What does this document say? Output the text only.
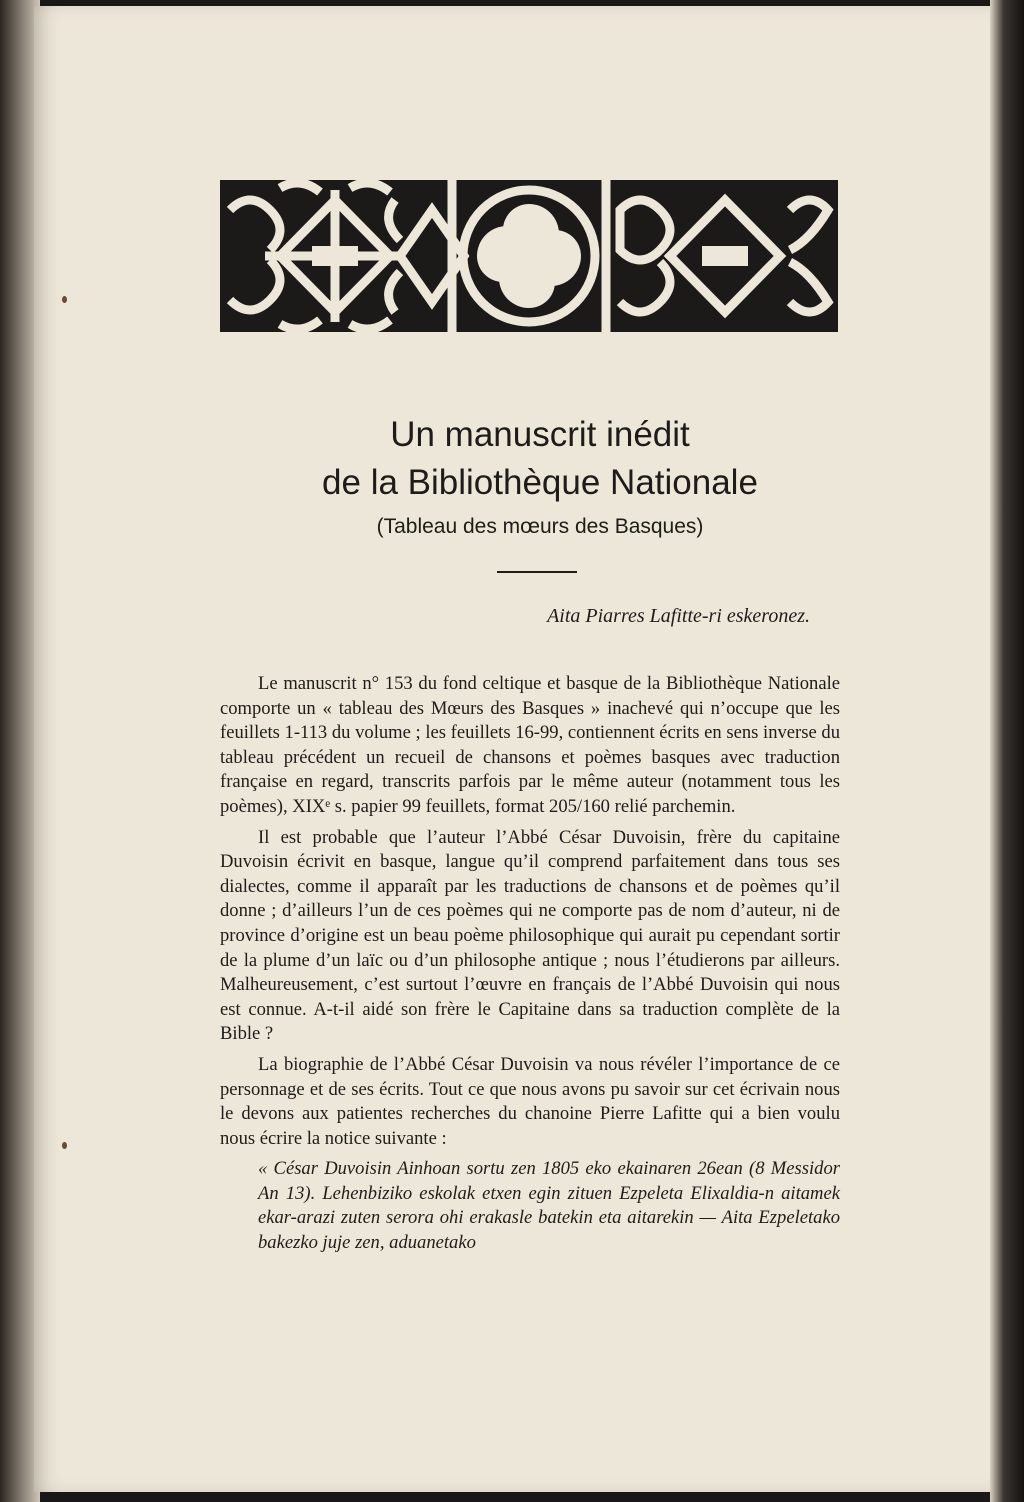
Un manuscrit inédit
de la Bibliothèque Nationale
(Tableau des mœurs des Basques)
Aita Piarres Lafitte-ri eskeronez.

Le manuscrit n° 153 du fond celtique et basque de la Bibliothèque Nationale comporte un « tableau des Mœurs des Basques » inachevé qui n’occupe que les feuillets 1-113 du volume ; les feuillets 16-99, contiennent écrits en sens inverse du tableau précédent un recueil de chansons et poèmes basques avec traduction française en regard, transcrits parfois par le même auteur (notamment tous les poèmes), XIXᵉ s. papier 99 feuillets, format 205/160 relié parchemin.

Il est probable que l’auteur l’Abbé César Duvoisin, frère du capitaine Duvoisin écrivit en basque, langue qu’il comprend parfaitement dans tous ses dialectes, comme il apparaît par les traductions de chansons et de poèmes qu’il donne ; d’ailleurs l’un de ces poèmes qui ne comporte pas de nom d’auteur, ni de province d’origine est un beau poème philosophique qui aurait pu cependant sortir de la plume d’un laïc ou d’un philosophe antique ; nous l’étudierons par ailleurs. Malheureusement, c’est surtout l’œuvre en français de l’Abbé Duvoisin qui nous est connue. A-t-il aidé son frère le Capitaine dans sa traduction complète de la Bible ?

La biographie de l’Abbé César Duvoisin va nous révéler l’importance de ce personnage et de ses écrits. Tout ce que nous avons pu savoir sur cet écrivain nous le devons aux patientes recherches du chanoine Pierre Lafitte qui a bien voulu nous écrire la notice suivante :

« César Duvoisin Ainhoan sortu zen 1805 eko ekainaren 26ean (8 Messidor An 13). Lehenbiziko eskolak etxen egin zituen Ezpeleta Elixaldia-n aitamek ekar-arazi zuten serora ohi erakasle batekin eta aitarekin — Aita Ezpeletako bakezko juje zen, aduanetako
